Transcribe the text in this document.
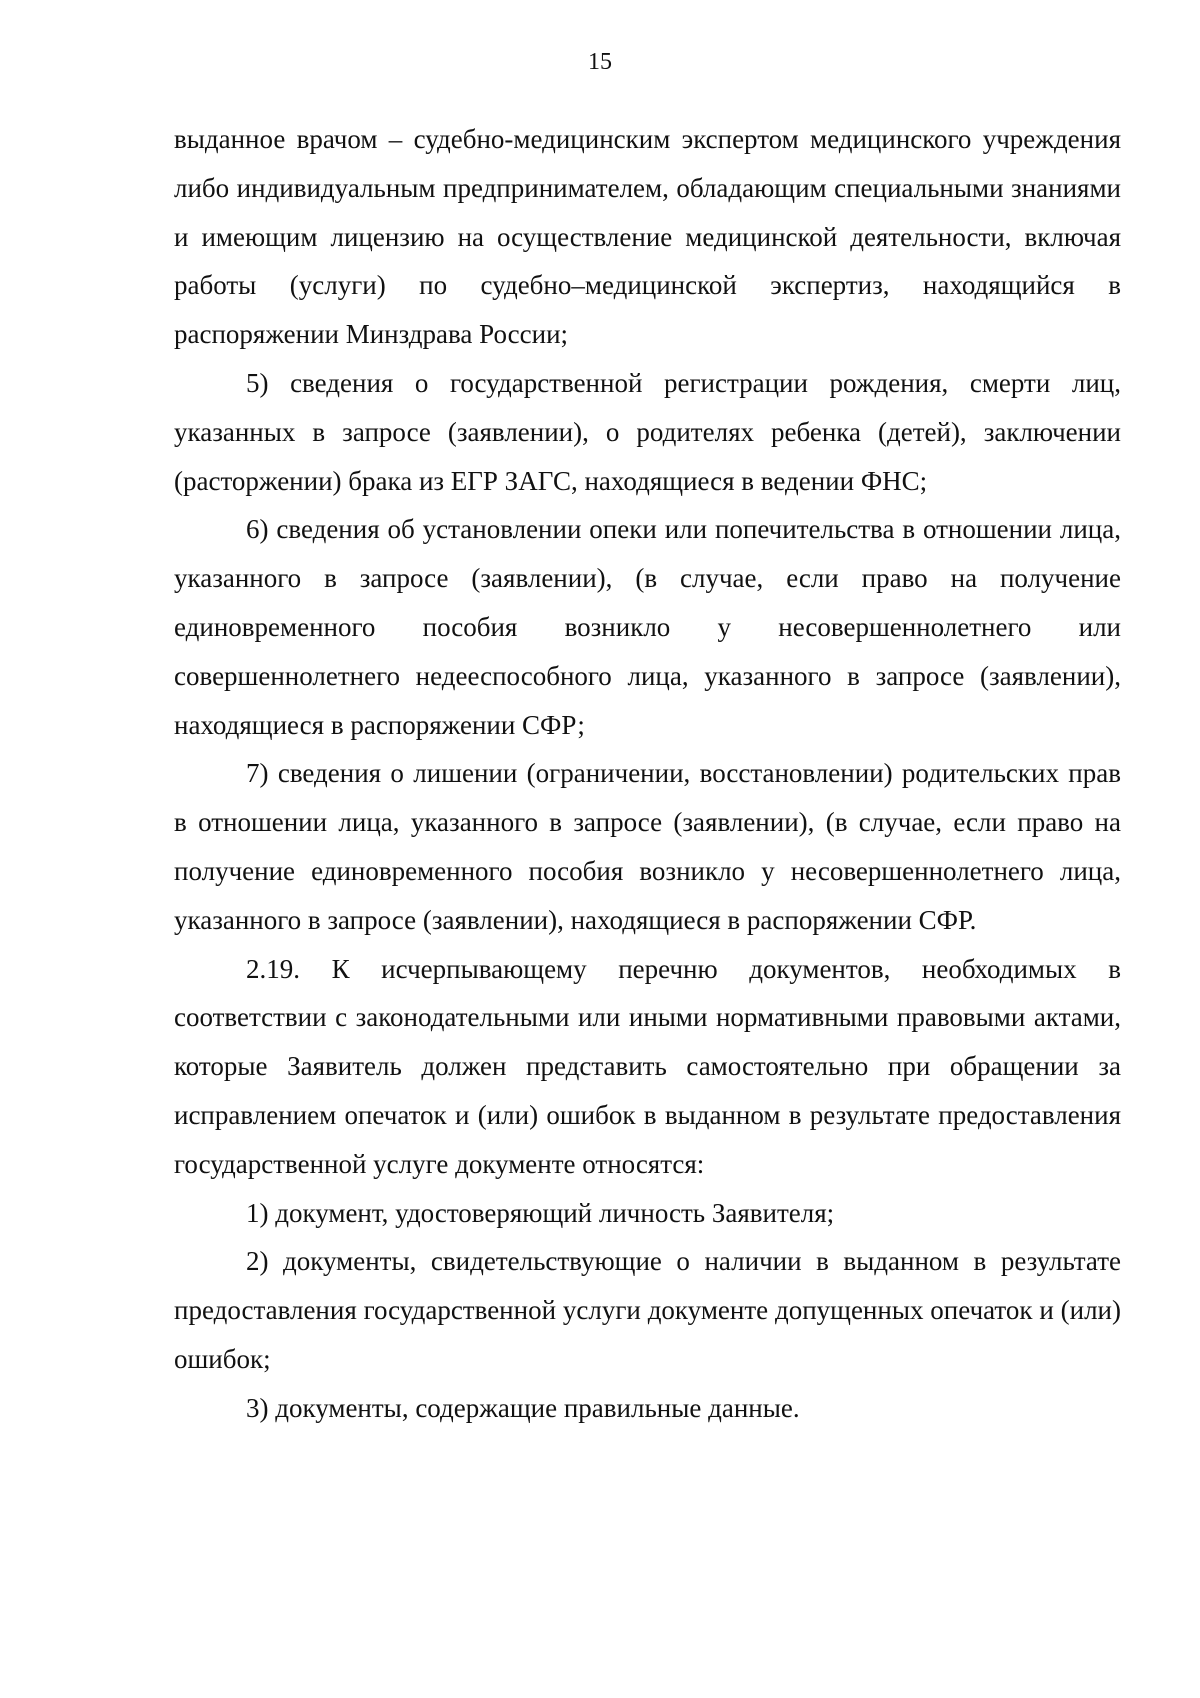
15

выданное врачом – судебно-медицинским экспертом медицинского учреждения либо индивидуальным предпринимателем, обладающим специальными знаниями и имеющим лицензию на осуществление медицинской деятельности, включая работы (услуги) по судебно–медицинской экспертиз, находящийся в распоряжении Минздрава России;

5) сведения о государственной регистрации рождения, смерти лиц, указанных в запросе (заявлении), о родителях ребенка (детей), заключении (расторжении) брака из ЕГР ЗАГС, находящиеся в ведении ФНС;

6) сведения об установлении опеки или попечительства в отношении лица, указанного в запросе (заявлении), (в случае, если право на получение единовременного пособия возникло у несовершеннолетнего или совершеннолетнего недееспособного лица, указанного в запросе (заявлении), находящиеся в распоряжении СФР;

7) сведения о лишении (ограничении, восстановлении) родительских прав в отношении лица, указанного в запросе (заявлении), (в случае, если право на получение единовременного пособия возникло у несовершеннолетнего лица, указанного в запросе (заявлении), находящиеся в распоряжении СФР.

2.19. К исчерпывающему перечню документов, необходимых в соответствии с законодательными или иными нормативными правовыми актами, которые Заявитель должен представить самостоятельно при обращении за исправлением опечаток и (или) ошибок в выданном в результате предоставления государственной услуге документе относятся:

1) документ, удостоверяющий личность Заявителя;

2) документы, свидетельствующие о наличии в выданном в результате предоставления государственной услуги документе допущенных опечаток и (или) ошибок;

3) документы, содержащие правильные данные.
